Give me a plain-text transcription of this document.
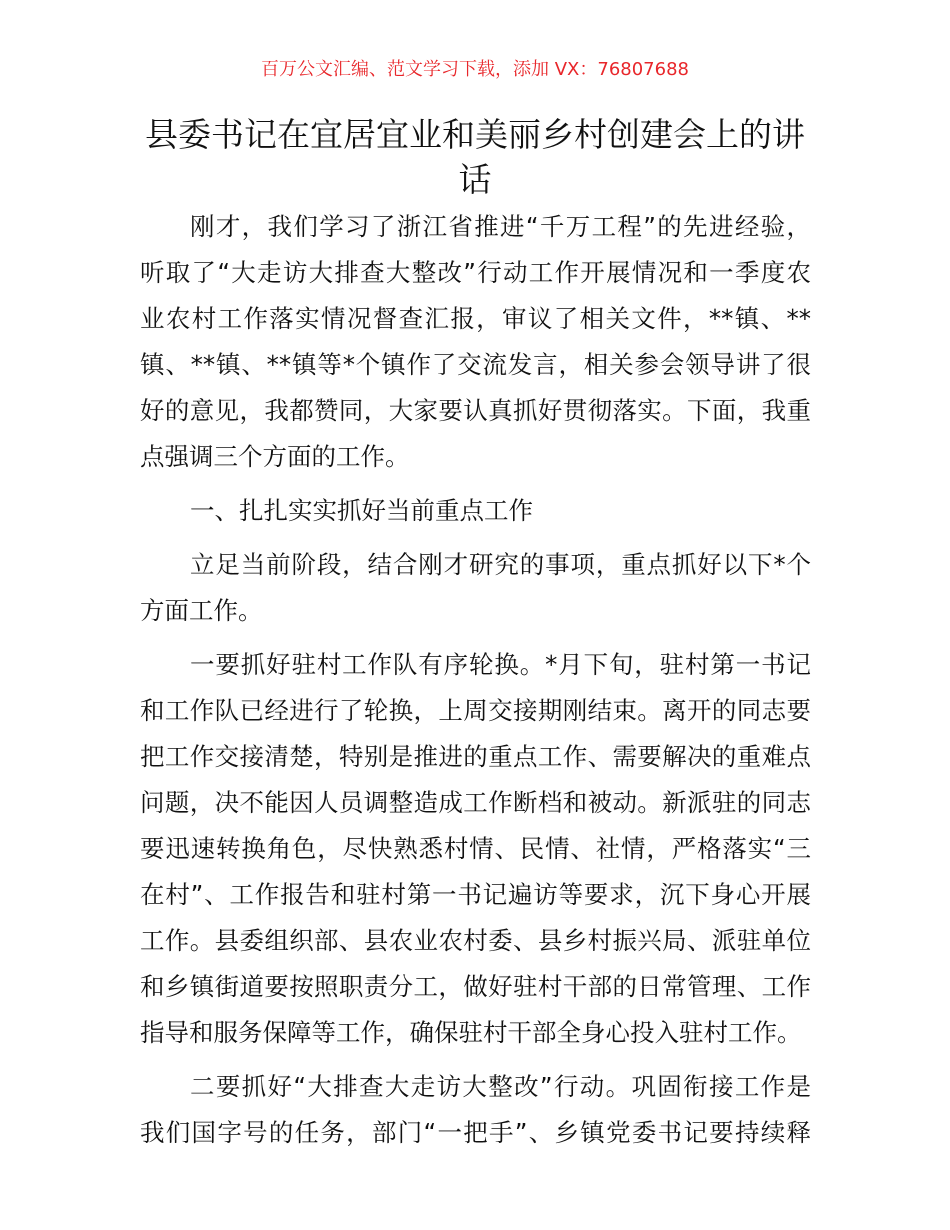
百万公文汇编、范文学习下载，添加 VX：76807688
县委书记在宜居宜业和美丽乡村创建会上的讲
话
刚才，我们学习了浙江省推进“千万工程”的先进经验，
听取了“大走访大排查大整改”行动工作开展情况和一季度农
业农村工作落实情况督查汇报，审议了相关文件，**镇、**
镇、**镇、**镇等*个镇作了交流发言，相关参会领导讲了很
好的意见，我都赞同，大家要认真抓好贯彻落实。下面，我重
点强调三个方面的工作。
一、扎扎实实抓好当前重点工作
立足当前阶段，结合刚才研究的事项，重点抓好以下*个
方面工作。
一要抓好驻村工作队有序轮换。*月下旬，驻村第一书记
和工作队已经进行了轮换，上周交接期刚结束。离开的同志要
把工作交接清楚，特别是推进的重点工作、需要解决的重难点
问题，决不能因人员调整造成工作断档和被动。新派驻的同志
要迅速转换角色，尽快熟悉村情、民情、社情，严格落实“三
在村”、工作报告和驻村第一书记遍访等要求，沉下身心开展
工作。县委组织部、县农业农村委、县乡村振兴局、派驻单位
和乡镇街道要按照职责分工，做好驻村干部的日常管理、工作
指导和服务保障等工作，确保驻村干部全身心投入驻村工作。
二要抓好“大排查大走访大整改”行动。巩固衔接工作是
我们国字号的任务，部门“一把手”、乡镇党委书记要持续释
